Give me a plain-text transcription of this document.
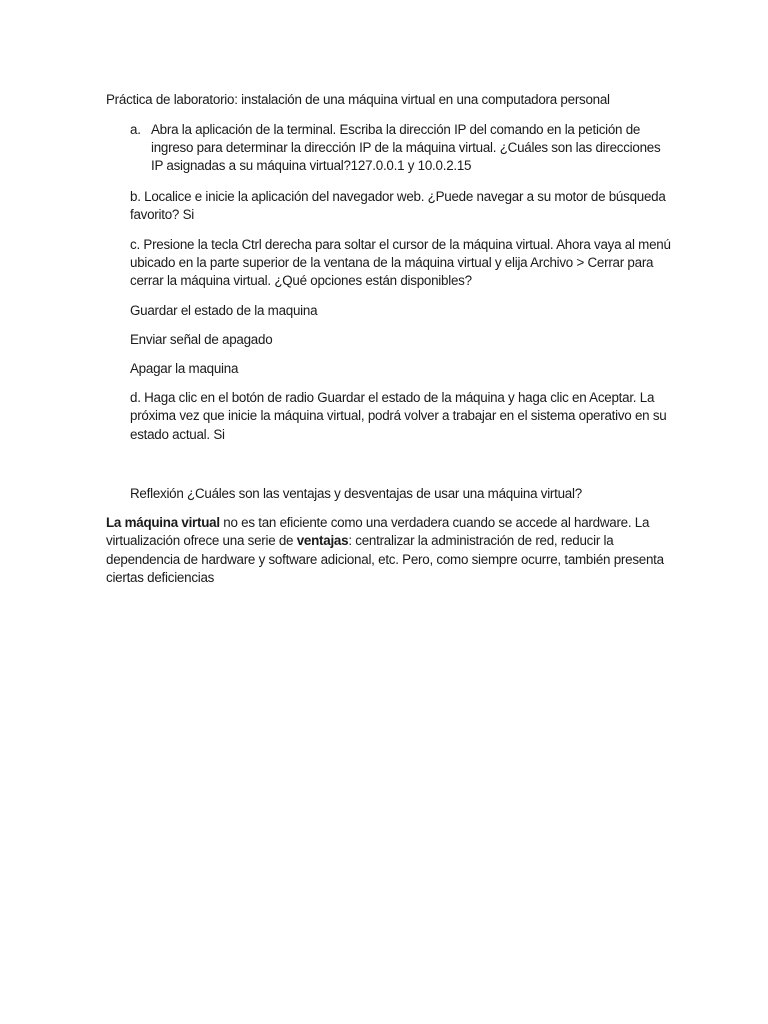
Práctica de laboratorio: instalación de una máquina virtual en una computadora personal
a. Abra la aplicación de la terminal. Escriba la dirección IP del comando en la petición de
ingreso para determinar la dirección IP de la máquina virtual. ¿Cuáles son las direcciones
IP asignadas a su máquina virtual?127.0.0.1 y 10.0.2.15
b. Localice e inicie la aplicación del navegador web. ¿Puede navegar a su motor de búsqueda
favorito? Si
c. Presione la tecla Ctrl derecha para soltar el cursor de la máquina virtual. Ahora vaya al menú
ubicado en la parte superior de la ventana de la máquina virtual y elija Archivo > Cerrar para
cerrar la máquina virtual. ¿Qué opciones están disponibles?
Guardar el estado de la maquina
Enviar señal de apagado
Apagar la maquina
d. Haga clic en el botón de radio Guardar el estado de la máquina y haga clic en Aceptar. La
próxima vez que inicie la máquina virtual, podrá volver a trabajar en el sistema operativo en su
estado actual. Si
Reflexión ¿Cuáles son las ventajas y desventajas de usar una máquina virtual?
La máquina virtual no es tan eficiente como una verdadera cuando se accede al hardware. La
virtualización ofrece una serie de ventajas: centralizar la administración de red, reducir la
dependencia de hardware y software adicional, etc. Pero, como siempre ocurre, también presenta
ciertas deficiencias
